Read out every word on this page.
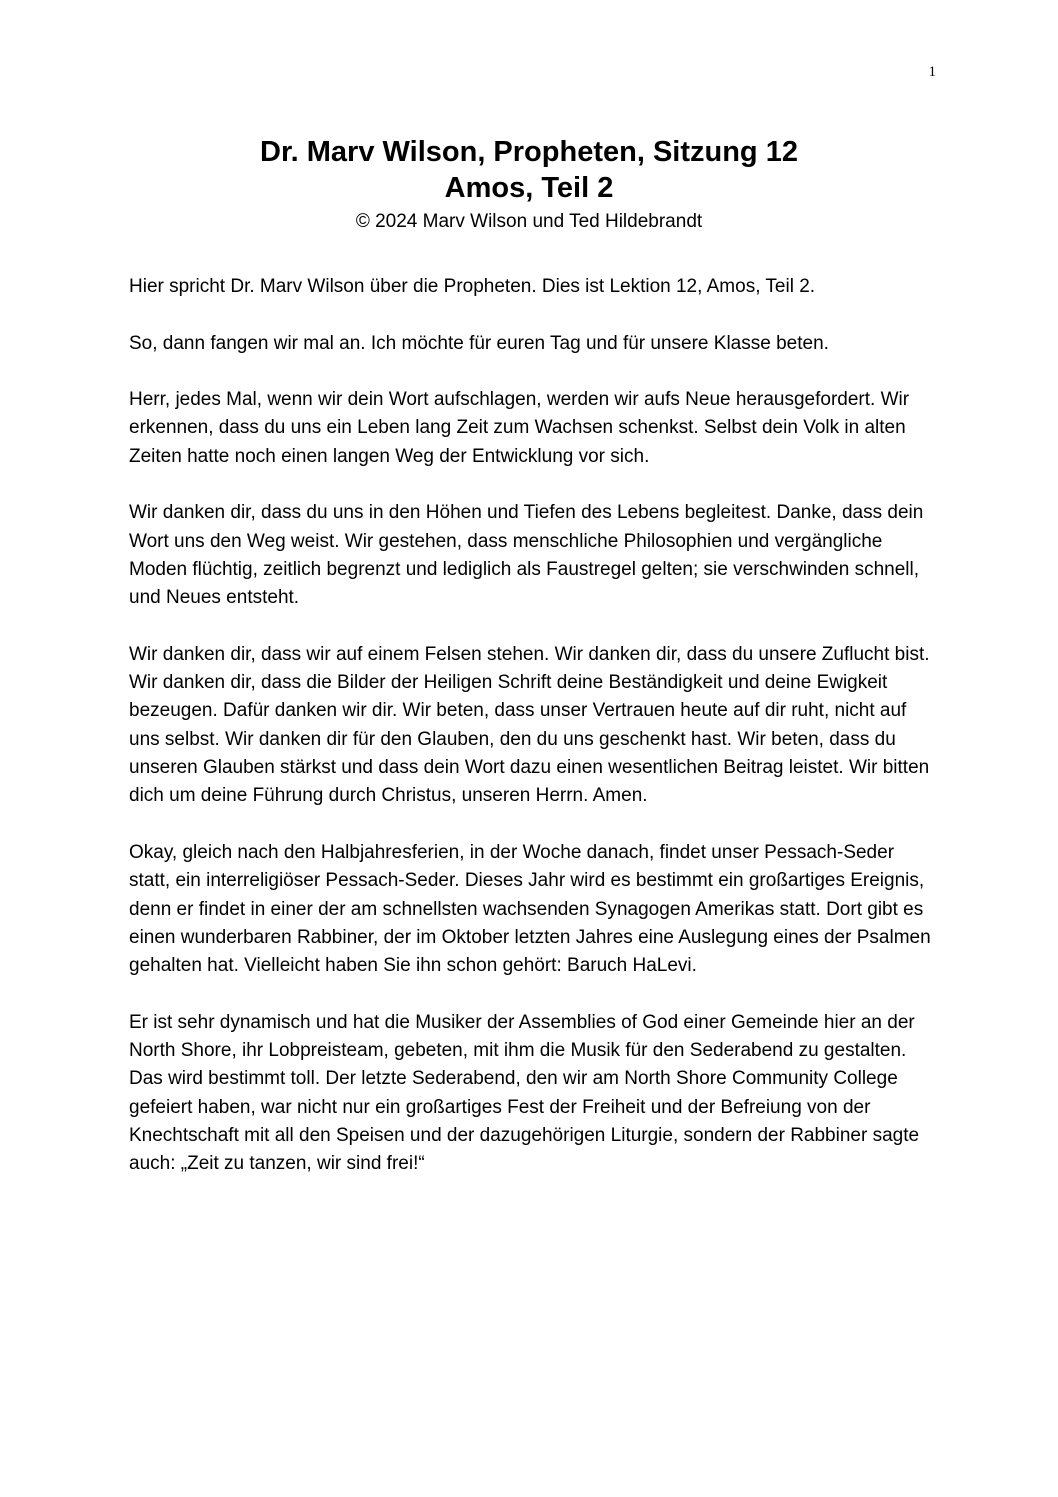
1
Dr. Marv Wilson, Propheten, Sitzung 12
Amos, Teil 2
© 2024 Marv Wilson und Ted Hildebrandt

Hier spricht Dr. Marv Wilson über die Propheten. Dies ist Lektion 12, Amos, Teil 2.

So, dann fangen wir mal an. Ich möchte für euren Tag und für unsere Klasse beten.

Herr, jedes Mal, wenn wir dein Wort aufschlagen, werden wir aufs Neue herausgefordert. Wir erkennen, dass du uns ein Leben lang Zeit zum Wachsen schenkst. Selbst dein Volk in alten Zeiten hatte noch einen langen Weg der Entwicklung vor sich.

Wir danken dir, dass du uns in den Höhen und Tiefen des Lebens begleitest. Danke, dass dein Wort uns den Weg weist. Wir gestehen, dass menschliche Philosophien und vergängliche Moden flüchtig, zeitlich begrenzt und lediglich als Faustregel gelten; sie verschwinden schnell, und Neues entsteht.

Wir danken dir, dass wir auf einem Felsen stehen. Wir danken dir, dass du unsere Zuflucht bist. Wir danken dir, dass die Bilder der Heiligen Schrift deine Beständigkeit und deine Ewigkeit bezeugen. Dafür danken wir dir. Wir beten, dass unser Vertrauen heute auf dir ruht, nicht auf uns selbst. Wir danken dir für den Glauben, den du uns geschenkt hast. Wir beten, dass du unseren Glauben stärkst und dass dein Wort dazu einen wesentlichen Beitrag leistet. Wir bitten dich um deine Führung durch Christus, unseren Herrn. Amen.

Okay, gleich nach den Halbjahresferien, in der Woche danach, findet unser Pessach-Seder statt, ein interreligiöser Pessach-Seder. Dieses Jahr wird es bestimmt ein großartiges Ereignis, denn er findet in einer der am schnellsten wachsenden Synagogen Amerikas statt. Dort gibt es einen wunderbaren Rabbiner, der im Oktober letzten Jahres eine Auslegung eines der Psalmen gehalten hat. Vielleicht haben Sie ihn schon gehört: Baruch HaLevi.

Er ist sehr dynamisch und hat die Musiker der Assemblies of God einer Gemeinde hier an der North Shore, ihr Lobpreisteam, gebeten, mit ihm die Musik für den Sederabend zu gestalten. Das wird bestimmt toll. Der letzte Sederabend, den wir am North Shore Community College gefeiert haben, war nicht nur ein großartiges Fest der Freiheit und der Befreiung von der Knechtschaft mit all den Speisen und der dazugehörigen Liturgie, sondern der Rabbiner sagte auch: „Zeit zu tanzen, wir sind frei!“
